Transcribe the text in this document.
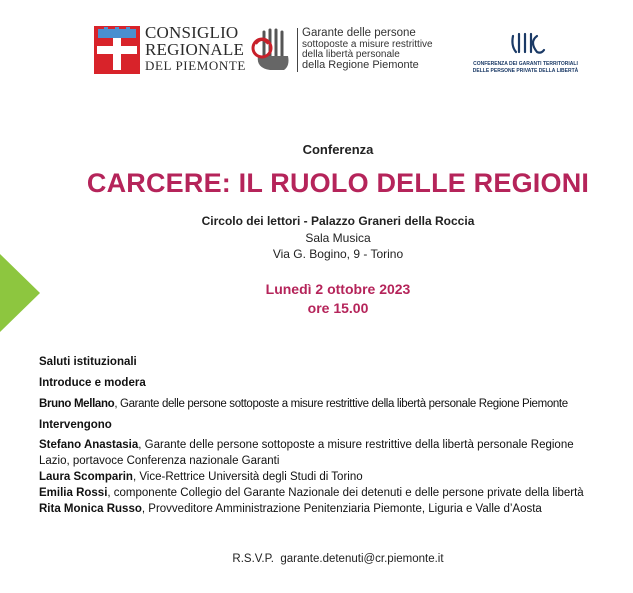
CONSIGLIO
REGIONALE
DEL PIEMONTE
Garante delle persone
sottoposte a misure restrittive
della libertà personale
della Regione Piemonte	CONFERENZA DEI GARANTI TERRITORIALI
DELLE PERSONE PRIVATE DELLA LIBERTÀ
Conferenza
CARCERE: IL RUOLO DELLE REGIONI
Circolo dei lettori - Palazzo Graneri della Roccia
Sala Musica
Via G. Bogino, 9 - Torino
Lunedì 2 ottobre 2023
ore 15.00
Saluti istituzionali
Introduce e modera
Bruno Mellano, Garante delle persone sottoposte a misure restrittive della libertà personale Regione Piemonte
Intervengono
Stefano Anastasia, Garante delle persone sottoposte a misure restrittive della libertà personale Regione
Lazio, portavoce Conferenza nazionale Garanti
Laura Scomparin, Vice-Rettrice Università degli Studi di Torino
Emilia Rossi, componente Collegio del Garante Nazionale dei detenuti e delle persone private della libertà
Rita Monica Russo, Provveditore Amministrazione Penitenziaria Piemonte, Liguria e Valle d’Aosta
R.S.V.P.  garante.detenuti@cr.piemonte.it
